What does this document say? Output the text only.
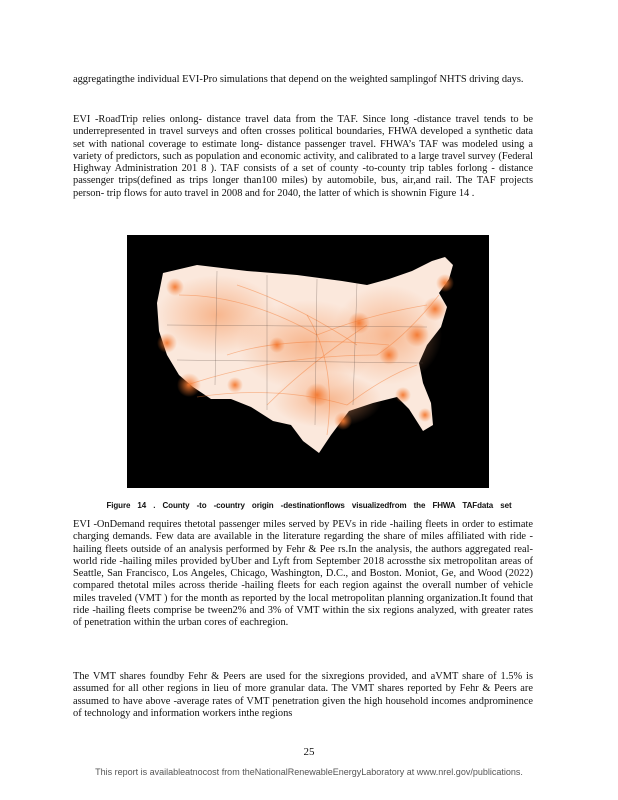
aggregatingthe individual EVI-Pro simulations that depend on the weighted samplingof NHTS driving days.

EVI -RoadTrip relies onlong- distance travel data from the TAF. Since long -distance travel tends to be underrepresented in travel surveys and often crosses political boundaries, FHWA developed a synthetic data set with national coverage to estimate long- distance passenger travel. FHWA’s TAF was modeled using a variety of predictors, such as population and economic activity, and calibrated to a large travel survey (Federal Highway Administration 201 8 ). TAF consists of a set of county -to-county trip tables forlong - distance passenger trips(defined as trips longer than100 miles) by automobile, bus, air,and rail. The TAF projects person- trip flows for auto travel in 2008 and for 2040, the latter of which is shownin Figure 14 .

Figure 14 . County -to -country origin -destinationflows visualizedfrom the FHWA TAFdata set

EVI -OnDemand requires thetotal passenger miles served by PEVs in ride -hailing fleets in order to estimate charging demands. Few data are available in the literature regarding the share of miles affiliated with ride -hailing fleets outside of an analysis performed by Fehr & Pee rs.In the analysis, the authors aggregated real- world ride -hailing miles provided byUber and Lyft from September 2018 acrossthe six metropolitan areas of Seattle, San Francisco, Los Angeles, Chicago, Washington, D.C., and Boston. Moniot, Ge, and Wood (2022) compared thetotal miles across theride -hailing fleets for each region against the overall number of vehicle miles traveled (VMT ) for the month as reported by the local metropolitan planning organization.It found that ride -hailing fleets comprise be tween2% and 3% of VMT within the six regions analyzed, with greater rates of penetration within the urban cores of eachregion.

The VMT shares foundby Fehr & Peers are used for the sixregions provided, and aVMT share of 1.5% is assumed for all other regions in lieu of more granular data. The VMT shares reported by Fehr & Peers are assumed to have above -average rates of VMT penetration given the high household incomes andprominence of technology and information workers inthe regions

25
This report is availableatnocost from theNationalRenewableEnergyLaboratory at www.nrel.gov/publications.
